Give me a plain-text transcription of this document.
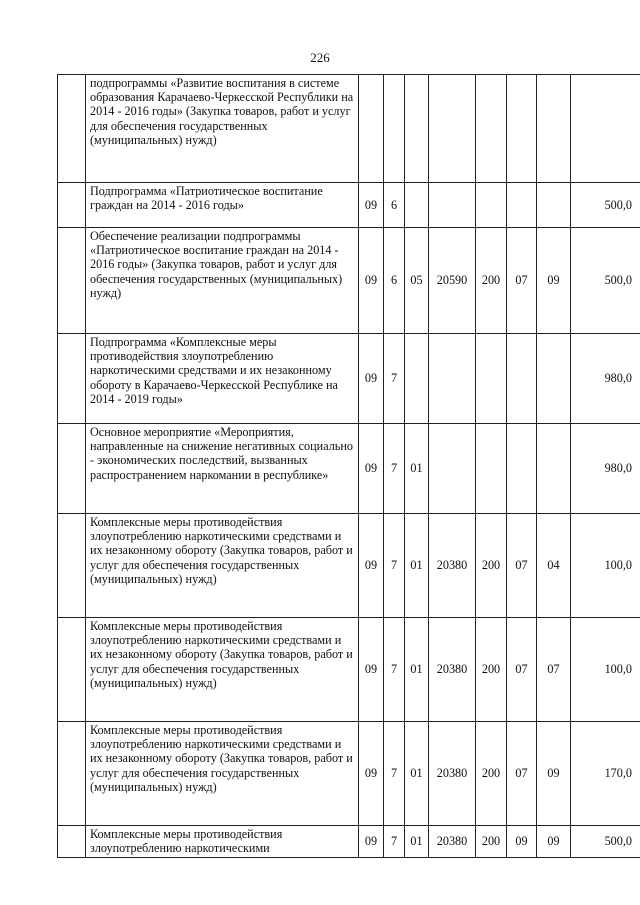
226
	подпрограммы «Развитие воспитания в системе образования Карачаево-Черкесской Республики на 2014 - 2016 годы» (Закупка товаров, работ и услуг для обеспечения государственных (муниципальных) нужд)								
	Подпрограмма «Патриотическое воспитание граждан на 2014 - 2016 годы»	09	6						500,0
	Обеспечение реализации подпрограммы «Патриотическое воспитание граждан на 2014 - 2016 годы» (Закупка товаров, работ и услуг для обеспечения государственных (муниципальных) нужд)	09	6	05	20590	200	07	09	500,0
	Подпрограмма «Комплексные меры противодействия злоупотреблению наркотическими средствами и их незаконному обороту в Карачаево-Черкесской Республике на 2014 - 2019 годы»	09	7						980,0
	Основное мероприятие «Мероприятия, направленные на снижение негативных социально - экономических последствий, вызванных распространением наркомании в республике»	09	7	01					980,0
	Комплексные меры противодействия злоупотреблению наркотическими средствами и их незаконному обороту (Закупка товаров, работ и услуг для обеспечения государственных (муниципальных) нужд)	09	7	01	20380	200	07	04	100,0
	Комплексные меры противодействия злоупотреблению наркотическими средствами и их незаконному обороту (Закупка товаров, работ и услуг для обеспечения государственных (муниципальных) нужд)	09	7	01	20380	200	07	07	100,0
	Комплексные меры противодействия злоупотреблению наркотическими средствами и их незаконному обороту (Закупка товаров, работ и услуг для обеспечения государственных (муниципальных) нужд)	09	7	01	20380	200	07	09	170,0
	Комплексные меры противодействия злоупотреблению наркотическими	09	7	01	20380	200	09	09	500,0
